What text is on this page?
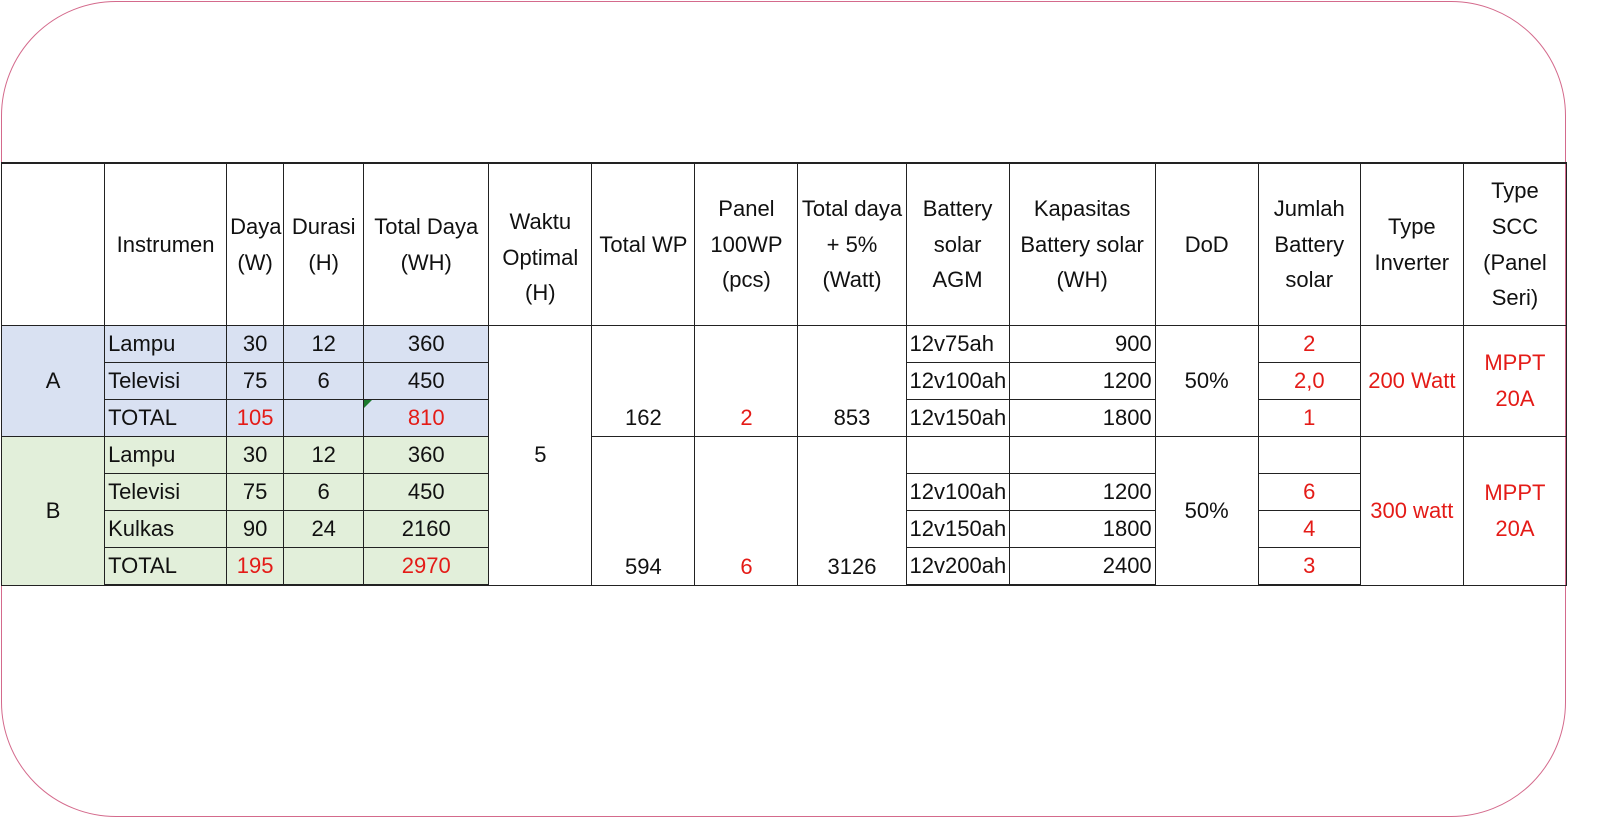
	Instrumen	Daya (W)	Durasi (H)	Total Daya (WH)	Waktu Optimal (H)	Total WP	Panel 100WP (pcs)	Total daya + 5% (Watt)	Battery solar AGM	Kapasitas Battery solar (WH)	DoD	Jumlah Battery solar	Type Inverter	Type SCC (Panel Seri)
A	Lampu	30	12	360	5	162	2	853	12v75ah	900	50%	2	200 Watt	MPPT
20A

	Televisi	75	6	450					12v100ah	1200		2,0		
	TOTAL	105		810					12v150ah	1800		1		
B	Lampu	30	12	360		594	6	3126			50%		300 watt	MPPT
20A

	Televisi	75	6	450					12v100ah	1200		6		
	Kulkas	90	24	2160					12v150ah	1800		4		
	TOTAL	195		2970					12v200ah	2400		3		
